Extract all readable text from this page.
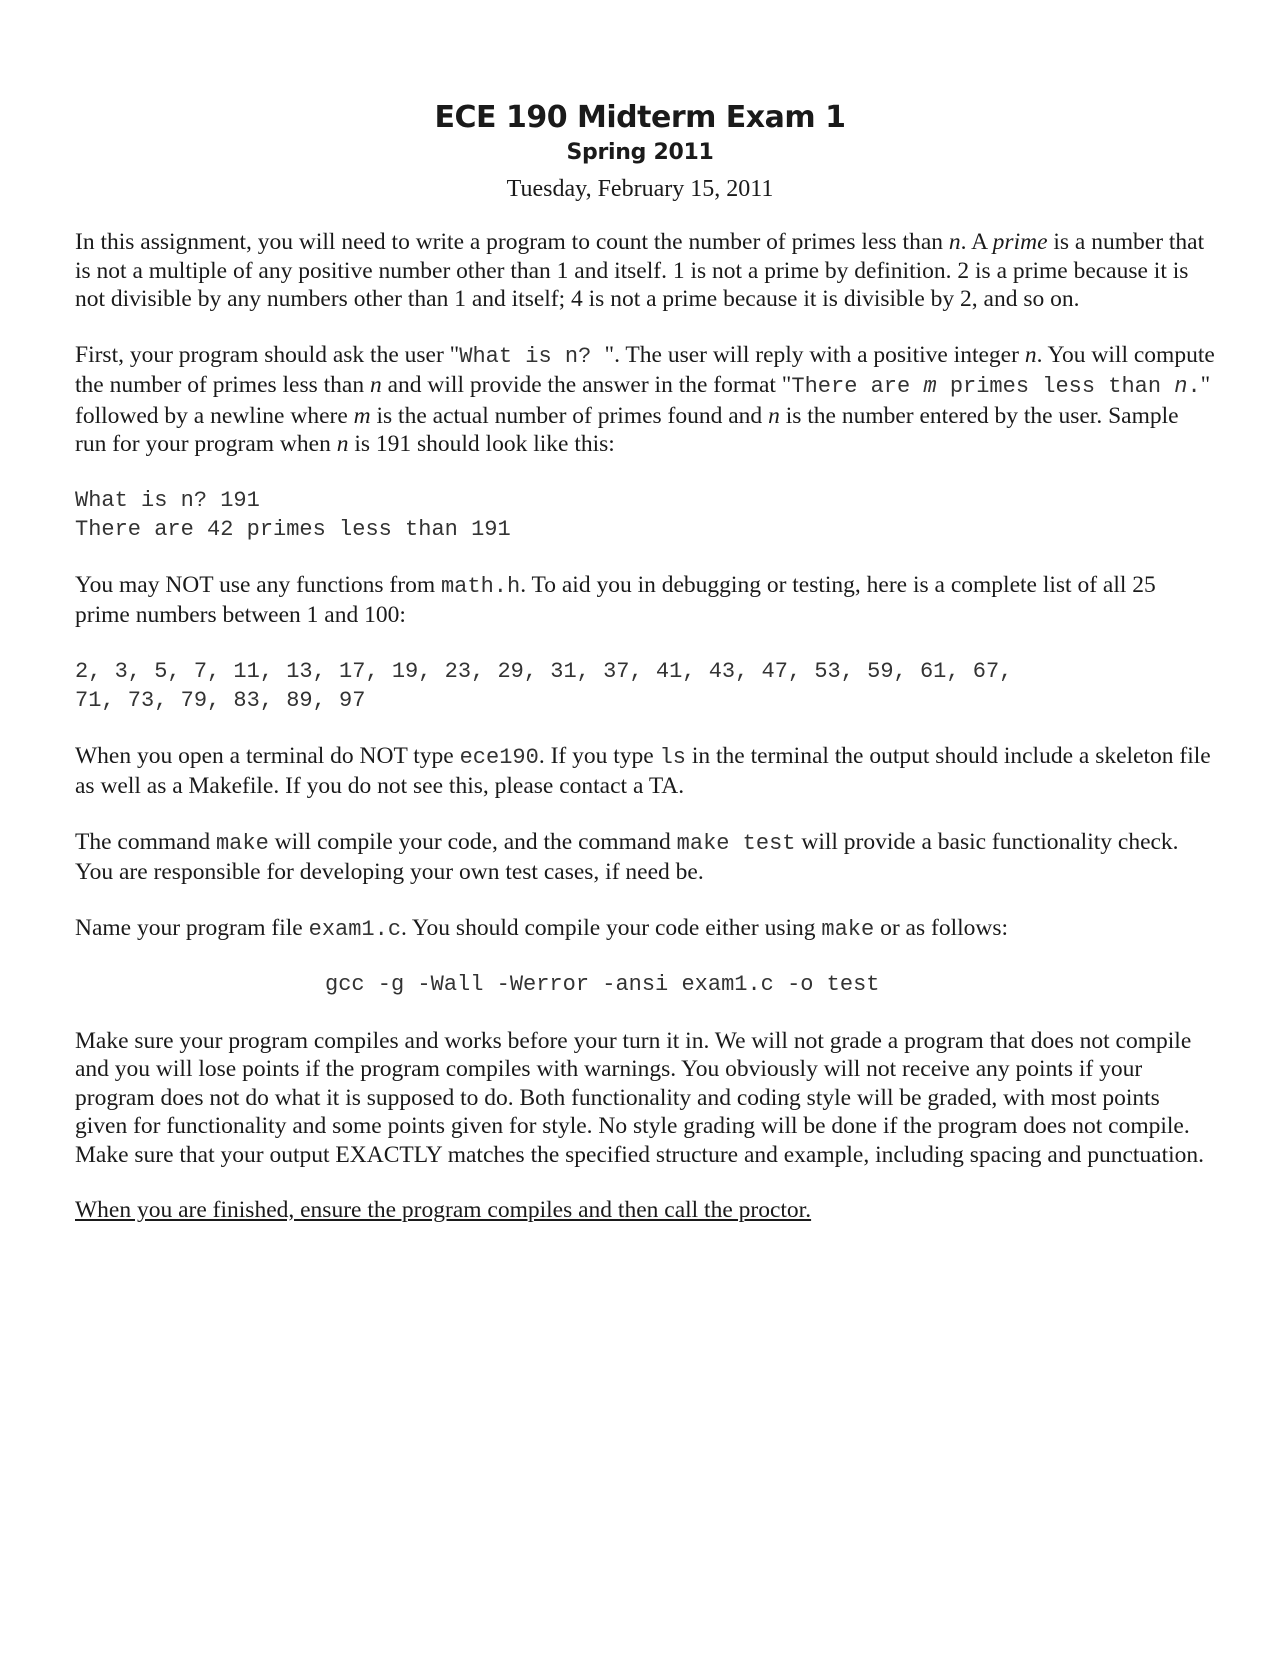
ECE 190 Midterm Exam 1
Spring 2011
Tuesday, February 15, 2011

In this assignment, you will need to write a program to count the number of primes less than n. A prime is a number that is not a multiple of any positive number other than 1 and itself. 1 is not a prime by definition. 2 is a prime because it is not divisible by any numbers other than 1 and itself; 4 is not a prime because it is divisible by 2, and so on.

First, your program should ask the user "What is n? ". The user will reply with a positive integer n. You will compute the number of primes less than n and will provide the answer in the format "There are m primes less than n." followed by a newline where m is the actual number of primes found and n is the number entered by the user. Sample run for your program when n is 191 should look like this:

What is n? 191
There are 42 primes less than 191

You may NOT use any functions from math.h. To aid you in debugging or testing, here is a complete list of all 25 prime numbers between 1 and 100:

2, 3, 5, 7, 11, 13, 17, 19, 23, 29, 31, 37, 41, 43, 47, 53, 59, 61, 67,
71, 73, 79, 83, 89, 97

When you open a terminal do NOT type ece190. If you type ls in the terminal the output should include a skeleton file as well as a Makefile. If you do not see this, please contact a TA.

The command make will compile your code, and the command make test will provide a basic functionality check. You are responsible for developing your own test cases, if need be.

Name your program file exam1.c. You should compile your code either using make or as follows:

gcc -g -Wall -Werror -ansi exam1.c -o test

Make sure your program compiles and works before your turn it in. We will not grade a program that does not compile and you will lose points if the program compiles with warnings. You obviously will not receive any points if your program does not do what it is supposed to do. Both functionality and coding style will be graded, with most points given for functionality and some points given for style. No style grading will be done if the program does not compile. Make sure that your output EXACTLY matches the specified structure and example, including spacing and punctuation.

When you are finished, ensure the program compiles and then call the proctor.
